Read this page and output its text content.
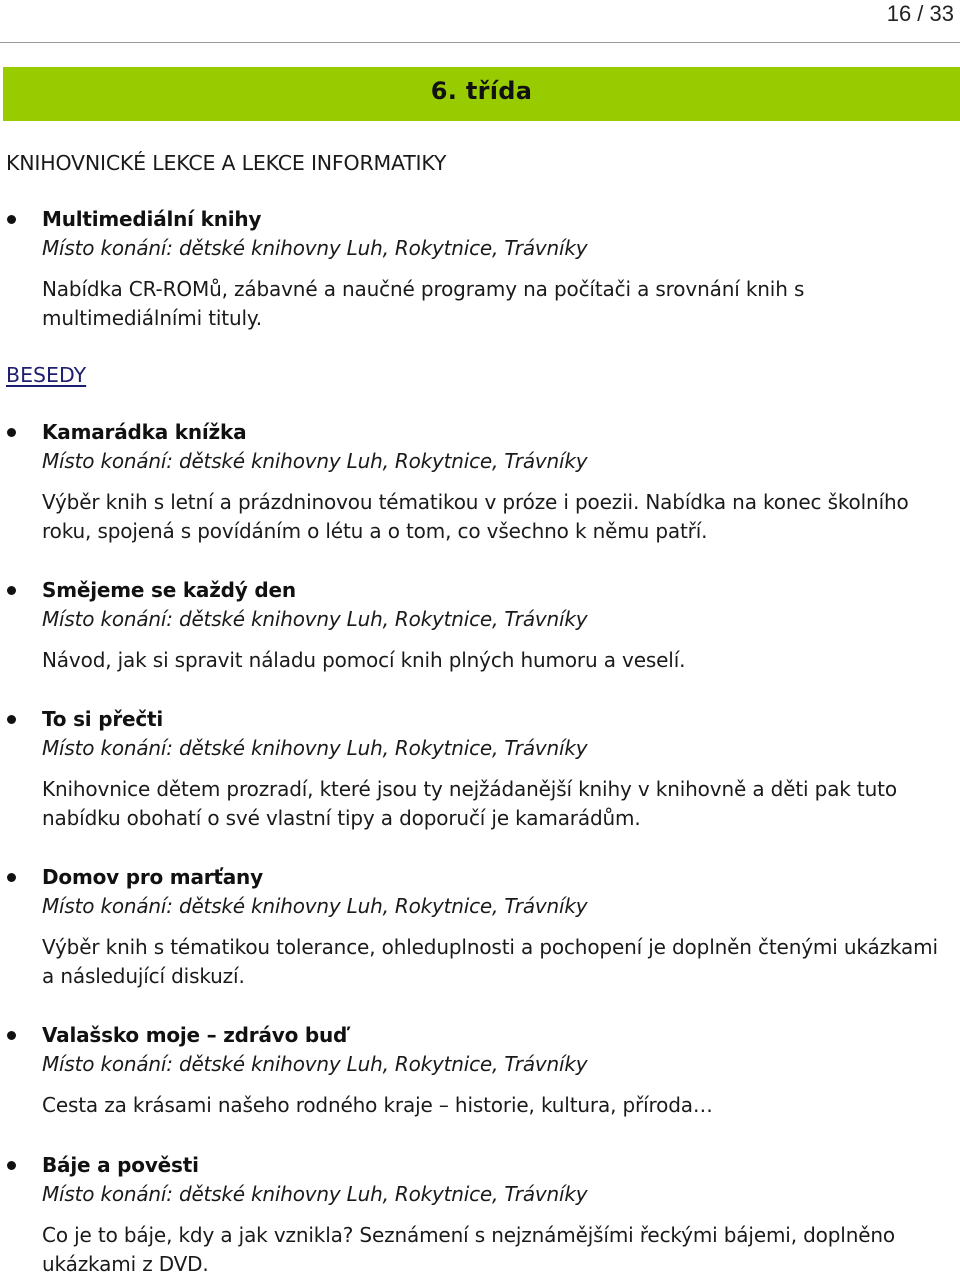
16 / 33
6. třída
KNIHOVNICKÉ LEKCE A LEKCE INFORMATIKY
Multimediální knihy
Místo konání: dětské knihovny Luh, Rokytnice, Trávníky
Nabídka CR-ROMů, zábavné a naučné programy na počítači a srovnání knih s multimediálními tituly.
BESEDY
Kamarádka knížka
Místo konání: dětské knihovny Luh, Rokytnice, Trávníky
Výběr knih s letní a prázdninovou tématikou v próze i poezii. Nabídka na konec školního roku, spojená s povídáním o létu a o tom, co všechno k němu patří.
Smějeme se každý den
Místo konání: dětské knihovny Luh, Rokytnice, Trávníky
Návod, jak si spravit náladu pomocí knih plných humoru a veselí.
To si přečti
Místo konání: dětské knihovny Luh, Rokytnice, Trávníky
Knihovnice dětem prozradí, které jsou ty nejžádanější knihy v knihovně a děti pak tuto nabídku obohatí o své vlastní tipy a doporučí je kamarádům.
Domov pro marťany
Místo konání: dětské knihovny Luh, Rokytnice, Trávníky
Výběr knih s tématikou tolerance, ohleduplnosti a pochopení je doplněn čtenými ukázkami a následující diskuzí.
Valašsko moje – zdrávo buď
Místo konání: dětské knihovny Luh, Rokytnice, Trávníky
Cesta za krásami našeho rodného kraje – historie, kultura, příroda…
Báje a pověsti
Místo konání: dětské knihovny Luh, Rokytnice, Trávníky
Co je to báje, kdy a jak vznikla? Seznámení s nejznámějšími řeckými bájemi, doplněno ukázkami z DVD.
